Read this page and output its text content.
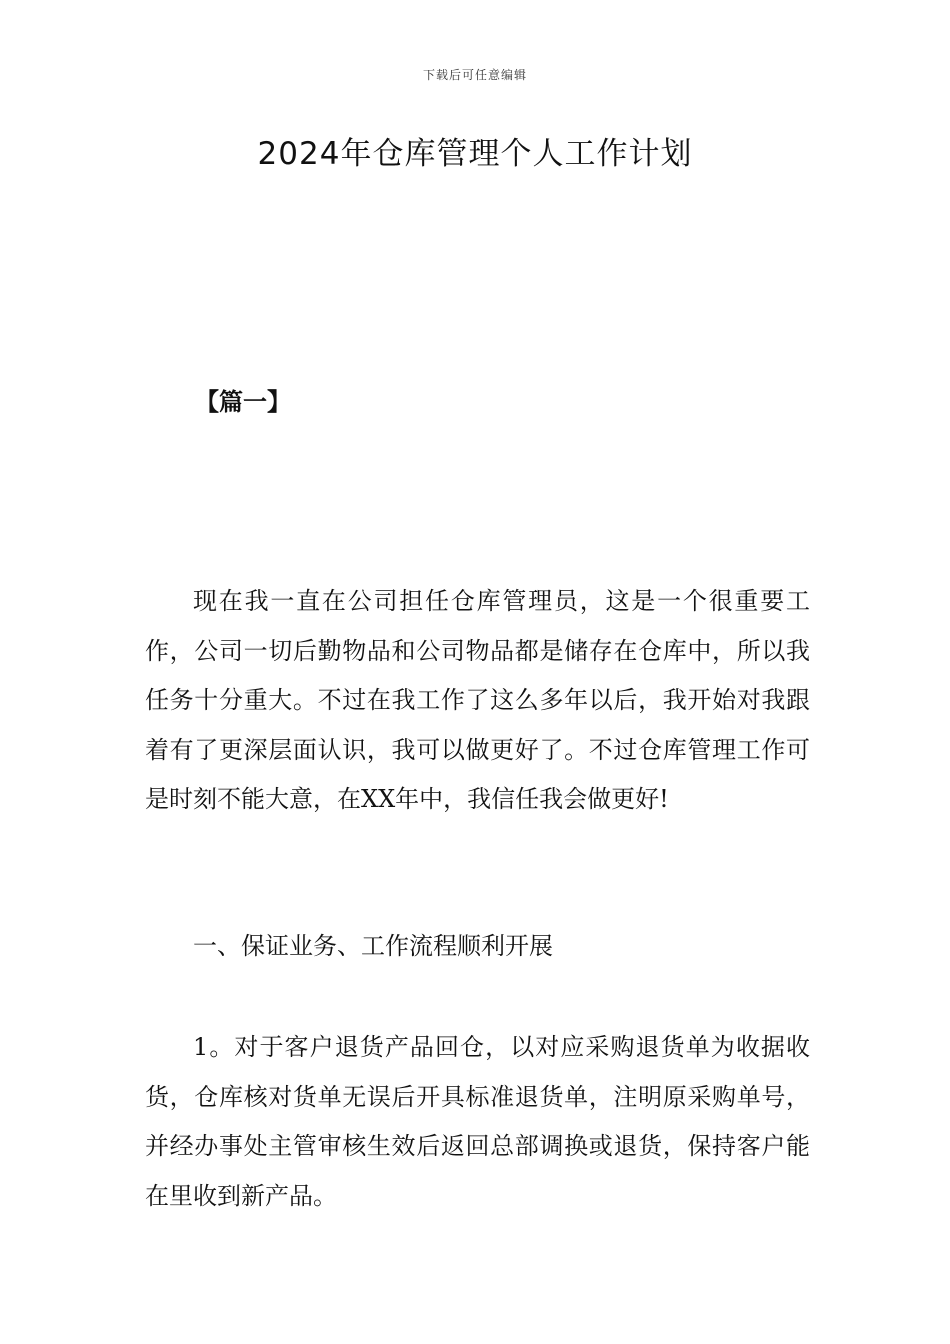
下载后可任意编辑
2024年仓库管理个人工作计划
【篇一】

现在我一直在公司担任仓库管理员，这是一个很重要工作，公司一切后勤物品和公司物品都是储存在仓库中，所以我任务十分重大。不过在我工作了这么多年以后，我开始对我跟着有了更深层面认识，我可以做更好了。不过仓库管理工作可是时刻不能大意，在XX年中，我信任我会做更好!

一、保证业务、工作流程顺利开展

1。对于客户退货产品回仓，以对应采购退货单为收据收货，仓库核对货单无误后开具标准退货单，注明原采购单号，并经办事处主管审核生效后返回总部调换或退货，保持客户能在里收到新产品。
